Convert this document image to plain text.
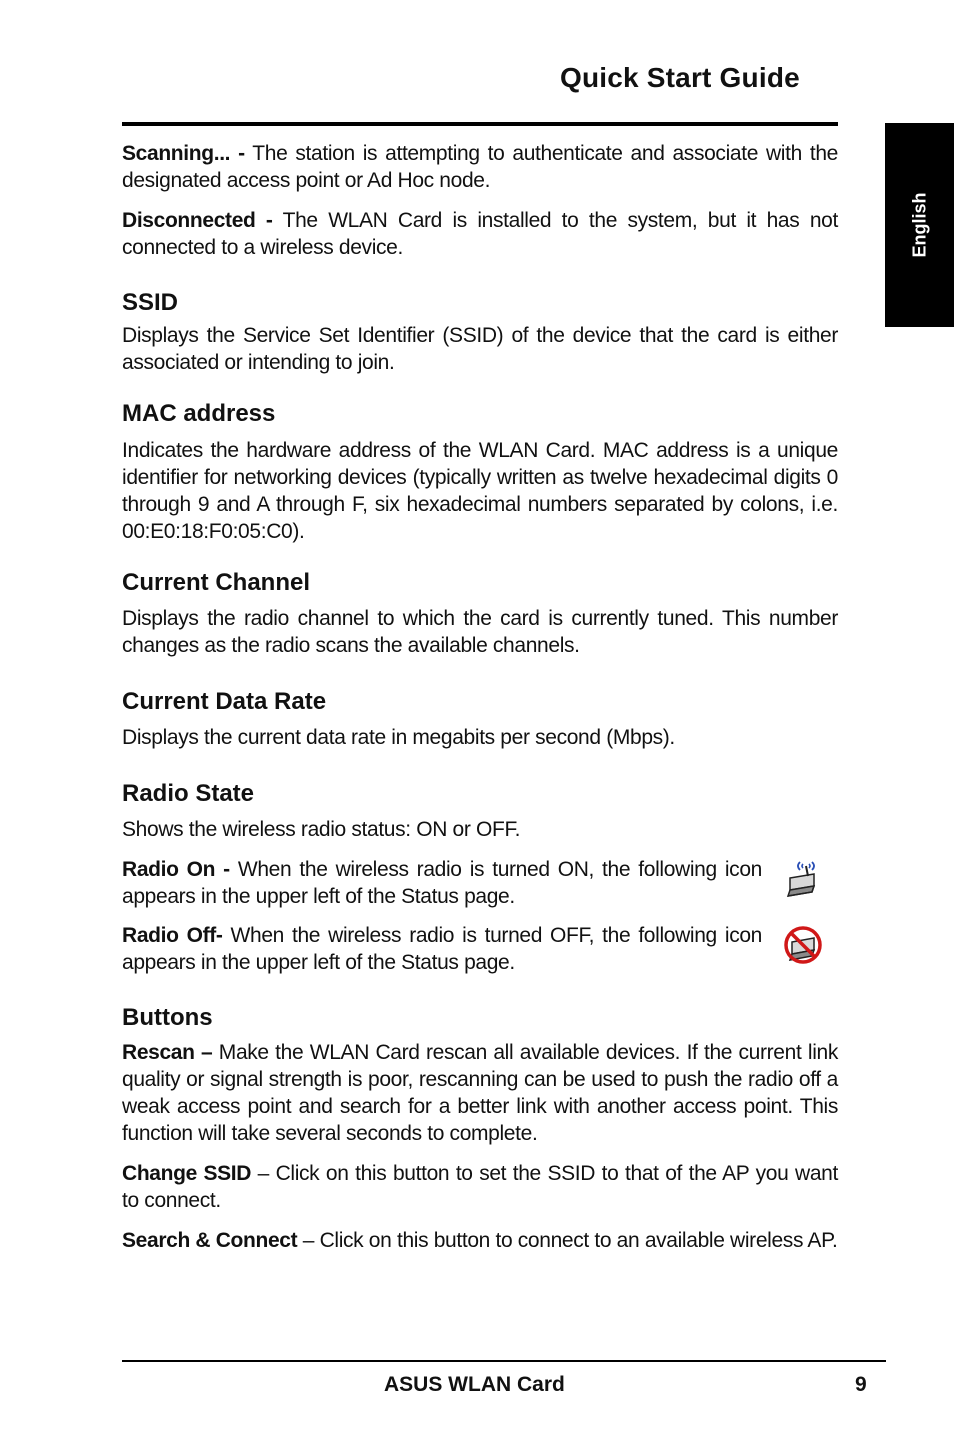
Quick Start Guide
English

Scanning... - The station is attempting to authenticate and associate with the designated access point or Ad Hoc node.

Disconnected - The WLAN Card is installed to the system, but it has not connected to a wireless device.

SSID

Displays the Service Set Identifier (SSID) of the device that the card is either associated or intending to join.

MAC address

Indicates the hardware address of the WLAN Card. MAC address is a unique identifier for networking devices (typically written as twelve hexadecimal digits 0 through 9 and A through F, six hexadecimal numbers separated by colons, i.e. 00:E0:18:F0:05:C0).

Current Channel

Displays the radio channel to which the card is currently tuned. This number changes as the radio scans the available channels.

Current Data Rate

Displays the current data rate in megabits per second (Mbps).

Radio State

Shows the wireless radio status: ON or OFF.

Radio On - When the wireless radio is turned ON, the following icon appears in the upper left of the Status page.

Radio Off- When the wireless radio is turned OFF, the following icon appears in the upper left of the Status page.

Buttons

Rescan – Make the WLAN Card rescan all available devices. If the current link quality or signal strength is poor, rescanning can be used to push the radio off a weak access point and search for a better link with another access point. This function will take several seconds to complete.

Change SSID – Click on this button to set the SSID to that of the AP you want to connect.

Search & Connect – Click on this button to connect to an available wireless AP.

ASUS WLAN Card	9
